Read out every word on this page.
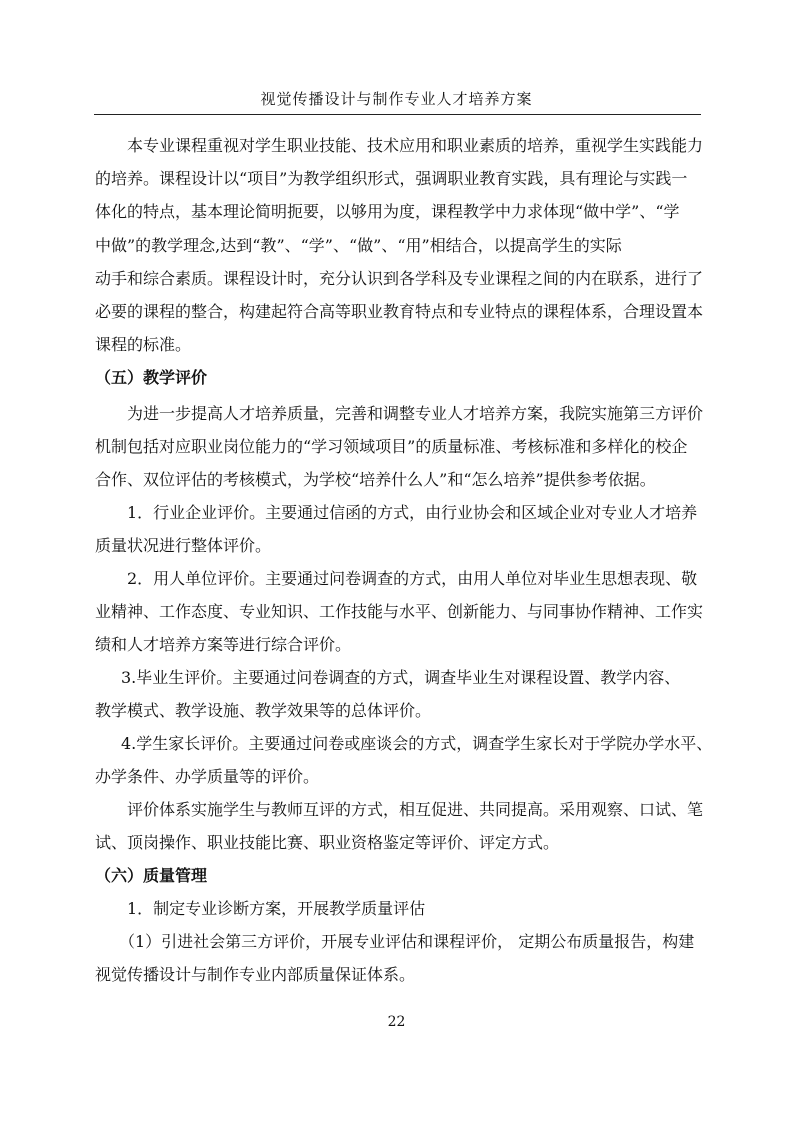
视觉传播设计与制作专业人才培养方案
本专业课程重视对学生职业技能、技术应用和职业素质的培养，重视学生实践能力
的培养。课程设计以“项目”为教学组织形式，强调职业教育实践，具有理论与实践一
体化的特点，基本理论简明扼要，以够用为度，课程教学中力求体现“做中学”、“学
中做”的教学理念,达到“教”、“学”、“做”、“用”相结合，以提高学生的实际
动手和综合素质。课程设计时，充分认识到各学科及专业课程之间的内在联系，进行了
必要的课程的整合，构建起符合高等职业教育特点和专业特点的课程体系，合理设置本
课程的标准。
（五）教学评价
为进一步提高人才培养质量，完善和调整专业人才培养方案，我院实施第三方评价
机制包括对应职业岗位能力的“学习领域项目”的质量标准、考核标准和多样化的校企
合作、双位评估的考核模式，为学校“培养什么人”和“怎么培养”提供参考依据。
1．行业企业评价。主要通过信函的方式，由行业协会和区域企业对专业人才培养
质量状况进行整体评价。
2．用人单位评价。主要通过问卷调查的方式，由用人单位对毕业生思想表现、敬
业精神、工作态度、专业知识、工作技能与水平、创新能力、与同事协作精神、工作实
绩和人才培养方案等进行综合评价。
3.毕业生评价。主要通过问卷调查的方式，调查毕业生对课程设置、教学内容、
教学模式、教学设施、教学效果等的总体评价。
4.学生家长评价。主要通过问卷或座谈会的方式，调查学生家长对于学院办学水平、
办学条件、办学质量等的评价。
评价体系实施学生与教师互评的方式，相互促进、共同提高。采用观察、口试、笔
试、顶岗操作、职业技能比赛、职业资格鉴定等评价、评定方式。
（六）质量管理
1．制定专业诊断方案，开展教学质量评估
（1）引进社会第三方评价，开展专业评估和课程评价， 定期公布质量报告，构建
视觉传播设计与制作专业内部质量保证体系。
22
